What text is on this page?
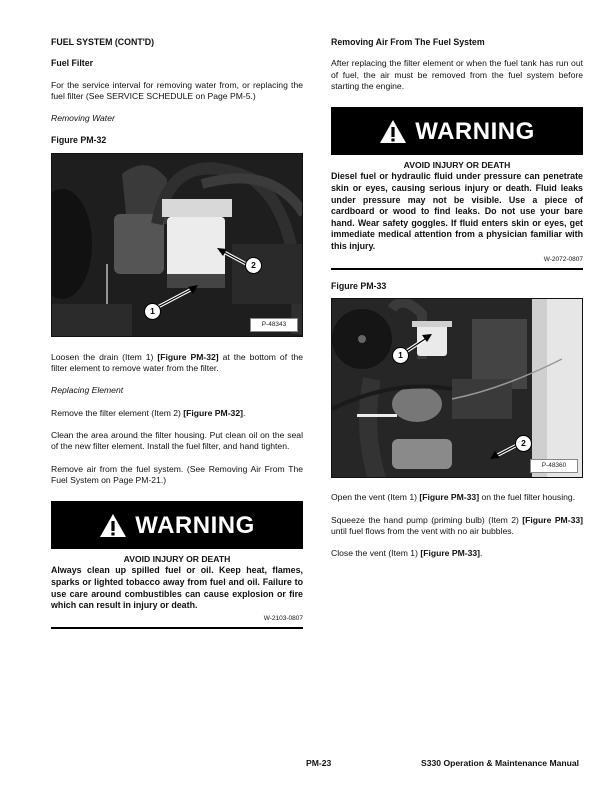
FUEL SYSTEM (CONT'D)
Fuel Filter

For the service interval for removing water from, or replacing the fuel filter (See SERVICE SCHEDULE on Page PM-5.)

Removing Water
Figure PM-32
1
2
P-48343

Loosen the drain (Item 1) [Figure PM-32] at the bottom of the filter element to remove water from the filter.

Replacing Element

Remove the filter element (Item 2) [Figure PM-32].

Clean the area around the filter housing. Put clean oil on the seal of the new filter element. Install the fuel filter, and hand tighten.

Remove air from the fuel system. (See Removing Air From The Fuel System on Page PM-21.)

WARNING
AVOID INJURY OR DEATH
Always clean up spilled fuel or oil. Keep heat, flames, sparks or lighted tobacco away from fuel and oil. Failure to use care around combustibles can cause explosion or fire which can result in injury or death.
W-2103-0807
Removing Air From The Fuel System

After replacing the filter element or when the fuel tank has run out of fuel, the air must be removed from the fuel system before starting the engine.

WARNING
AVOID INJURY OR DEATH
Diesel fuel or hydraulic fluid under pressure can penetrate skin or eyes, causing serious injury or death. Fluid leaks under pressure may not be visible. Use a piece of cardboard or wood to find leaks. Do not use your bare hand. Wear safety goggles. If fluid enters skin or eyes, get immediate medical attention from a physician familiar with this injury.
W-2072-0807
Figure PM-33
1
2
P-48360

Open the vent (Item 1) [Figure PM-33] on the fuel filter housing.

Squeeze the hand pump (priming bulb) (Item 2) [Figure PM-33] until fuel flows from the vent with no air bubbles.

Close the vent (Item 1) [Figure PM-33].

PM-23	S330 Operation & Maintenance Manual
